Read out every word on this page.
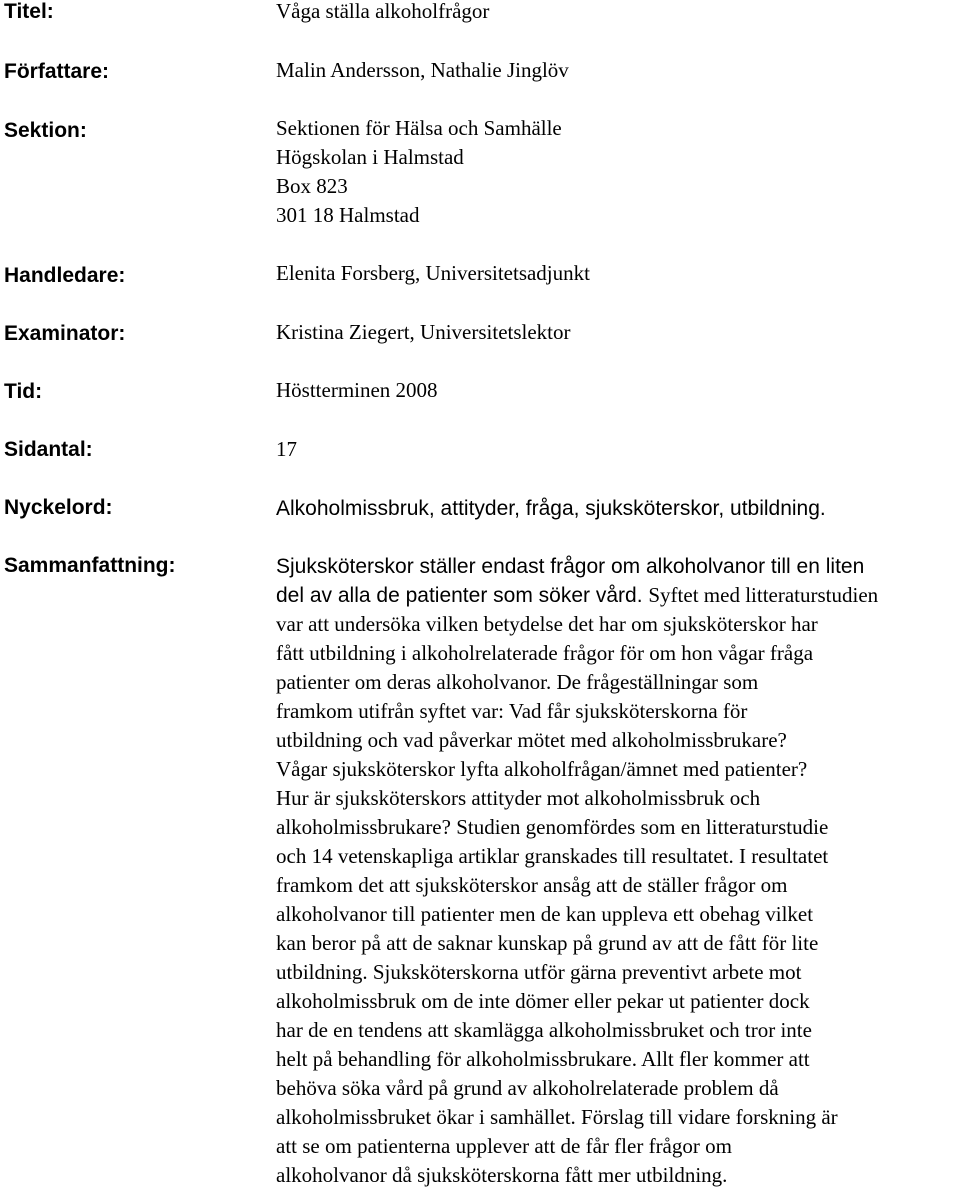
Titel:
Författare:
Sektion:
Handledare:
Examinator:
Tid:
Sidantal:
Nyckelord:
Sammanfattning:
Våga ställa alkoholfrågor
Malin Andersson, Nathalie Jinglöv
Sektionen för Hälsa och Samhälle
Högskolan i Halmstad
Box 823
301 18 Halmstad
Elenita Forsberg, Universitetsadjunkt
Kristina Ziegert, Universitetslektor
Höstterminen 2008
17
Alkoholmissbruk, attityder, fråga, sjuksköterskor, utbildning.
Sjuksköterskor ställer endast frågor om alkoholvanor till en liten
del av alla de patienter som söker vård. Syftet med litteraturstudien
var att undersöka vilken betydelse det har om sjuksköterskor har
fått utbildning i alkoholrelaterade frågor för om hon vågar fråga
patienter om deras alkoholvanor. De frågeställningar som
framkom utifrån syftet var: Vad får sjuksköterskorna för
utbildning och vad påverkar mötet med alkoholmissbrukare?
Vågar sjuksköterskor lyfta alkoholfrågan/ämnet med patienter?
Hur är sjuksköterskors attityder mot alkoholmissbruk och
alkoholmissbrukare? Studien genomfördes som en litteraturstudie
och 14 vetenskapliga artiklar granskades till resultatet. I resultatet
framkom det att sjuksköterskor ansåg att de ställer frågor om
alkoholvanor till patienter men de kan uppleva ett obehag vilket
kan beror på att de saknar kunskap på grund av att de fått för lite
utbildning. Sjuksköterskorna utför gärna preventivt arbete mot
alkoholmissbruk om de inte dömer eller pekar ut patienter dock
har de en tendens att skamlägga alkoholmissbruket och tror inte
helt på behandling för alkoholmissbrukare. Allt fler kommer att
behöva söka vård på grund av alkoholrelaterade problem då
alkoholmissbruket ökar i samhället. Förslag till vidare forskning är
att se om patienterna upplever att de får fler frågor om
alkoholvanor då sjuksköterskorna fått mer utbildning.
